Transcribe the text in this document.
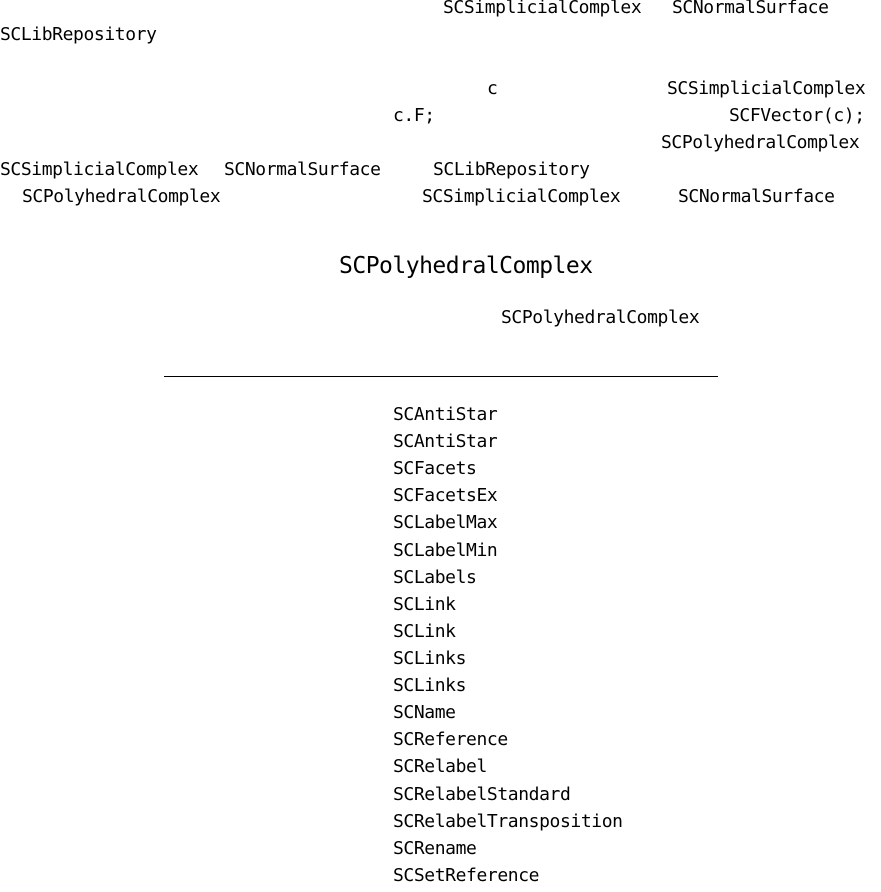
SCSimplicialComplex SCNormalSurface
SCLibRepository
c	SCSimplicialComplex
c.F;	SCFVector(c);
SCPolyhedralComplex
SCSimplicialComplex SCNormalSurface	SCLibRepository
SCPolyhedralComplex	SCSimplicialComplex	SCNormalSurface
SCPolyhedralComplex
SCPolyhedralComplex
SCAntiStar
SCAntiStar
SCFacets
SCFacetsEx
SCLabelMax
SCLabelMin
SCLabels
SCLink
SCLink
SCLinks
SCLinks
SCName
SCReference
SCRelabel
SCRelabelStandard
SCRelabelTransposition
SCRename
SCSetReference
